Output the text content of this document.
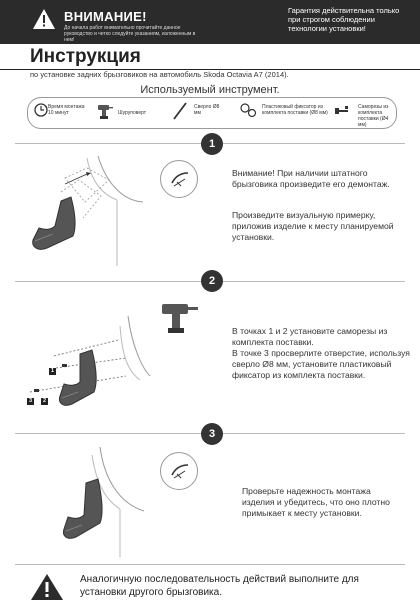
ВНИМАНИЕ!
До начала работ внимательно прочитайте данное руководство и четко следуйте указаниям, изложенным в нем!
Гарантия действительна только при строгом соблюдении технологии установки!
Инструкция
по установке задних брызговиков на автомобиль Skoda Octavia A7 (2014).
Используемый инструмент.
Время монтажа 10 минут	Шуруповерт
Сверло Ø8 мм
Пластиковый фиксатор из комплекта поставки (Ø8 мм)
Саморезы из комплекта поставки (Ø4 мм)
1
Внимание! При наличии штатного брызговика произведите его демонтаж.
Произведите визуальную примерку, приложив изделие к месту планируемой установки.
2
1
2
3
В точках 1 и 2 установите саморезы из комплекта поставки.
В точке 3 просверлите отверстие, используя сверло Ø8 мм, установите пластиковый фиксатор из комплекта поставки.
3
Проверьте надежность монтажа изделия и убедитесь, что оно плотно примыкает к месту установки.
Аналогичную последовательность действий выполните для установки другого брызговика.
